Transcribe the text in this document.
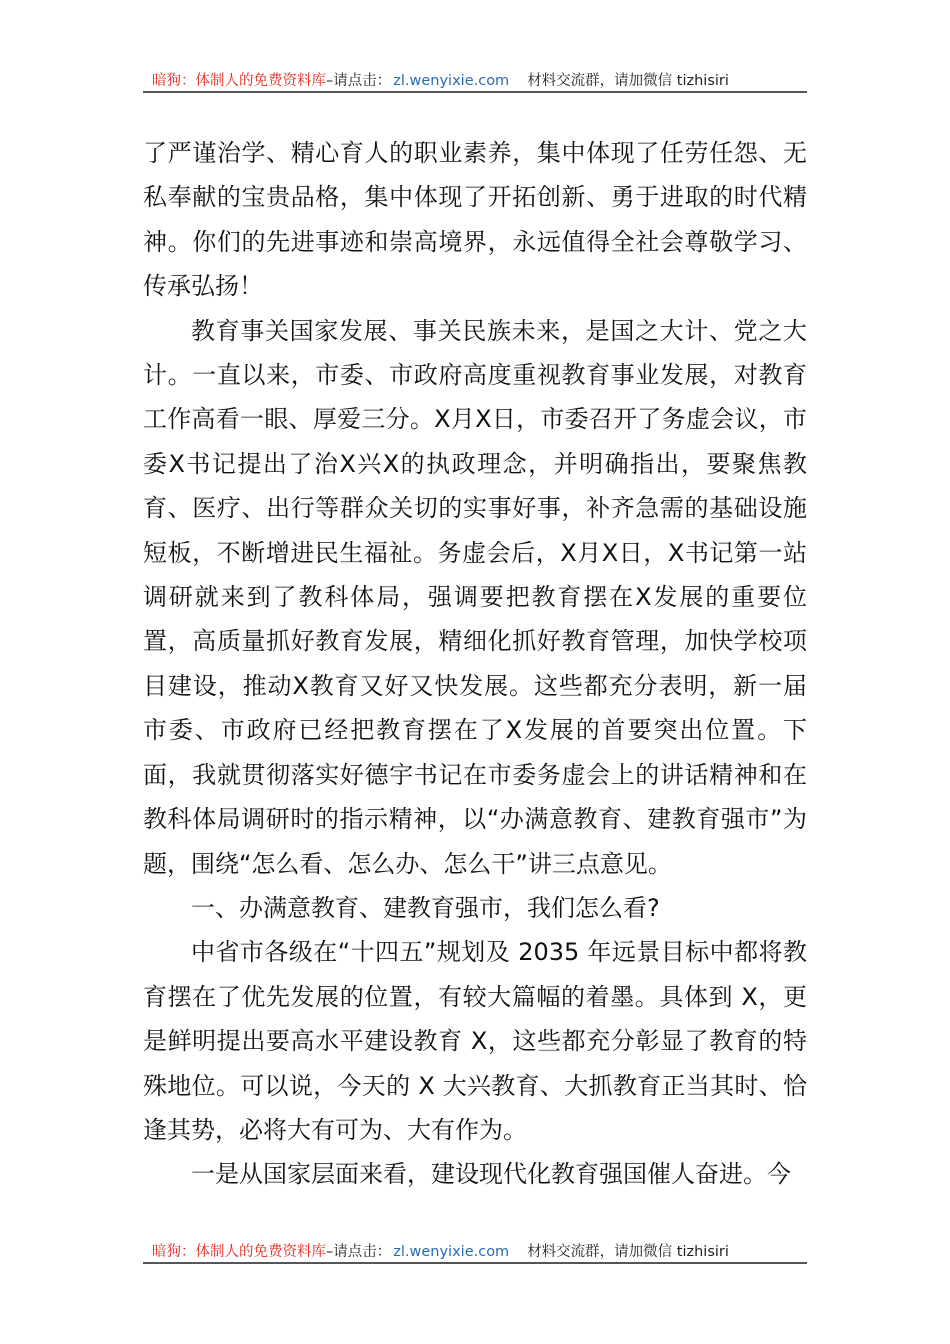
暗狗：体制人的免费资料库 –请点击： zl.wenyixie.com 材料交流群，请加微信 tizhisiri

了严谨治学、精心育人的职业素养，集中体现了任劳任怨、无私奉献的宝贵品格，集中体现了开拓创新、勇于进取的时代精神。你们的先进事迹和崇高境界，永远值得全社会尊敬学习、传承弘扬！

教育事关国家发展、事关民族未来，是国之大计、党之大计。一直以来，市委、市政府高度重视教育事业发展，对教育工作高看一眼、厚爱三分。X月X日，市委召开了务虚会议，市委X书记提出了治X兴X的执政理念，并明确指出，要聚焦教育、医疗、出行等群众关切的实事好事，补齐急需的基础设施短板，不断增进民生福祉。务虚会后，X月X日，X书记第一站调研就来到了教科体局，强调要把教育摆在X发展的重要位置，高质量抓好教育发展，精细化抓好教育管理，加快学校项目建设，推动X教育又好又快发展。这些都充分表明，新一届市委、市政府已经把教育摆在了X发展的首要突出位置。下面，我就贯彻落实好德宇书记在市委务虚会上的讲话精神和在教科体局调研时的指示精神，以“办满意教育、建教育强市”为题，围绕“怎么看、怎么办、怎么干”讲三点意见。

一、办满意教育、建教育强市，我们怎么看?

中省市各级在“十四五”规划及 2035 年远景目标中都将教育摆在了优先发展的位置，有较大篇幅的着墨。具体到 X，更是鲜明提出要高水平建设教育 X，这些都充分彰显了教育的特殊地位。可以说，今天的 X 大兴教育、大抓教育正当其时、恰逢其势，必将大有可为、大有作为。

一是从国家层面来看，建设现代化教育强国催人奋进。今

暗狗：体制人的免费资料库 –请点击： zl.wenyixie.com 材料交流群，请加微信 tizhisiri
